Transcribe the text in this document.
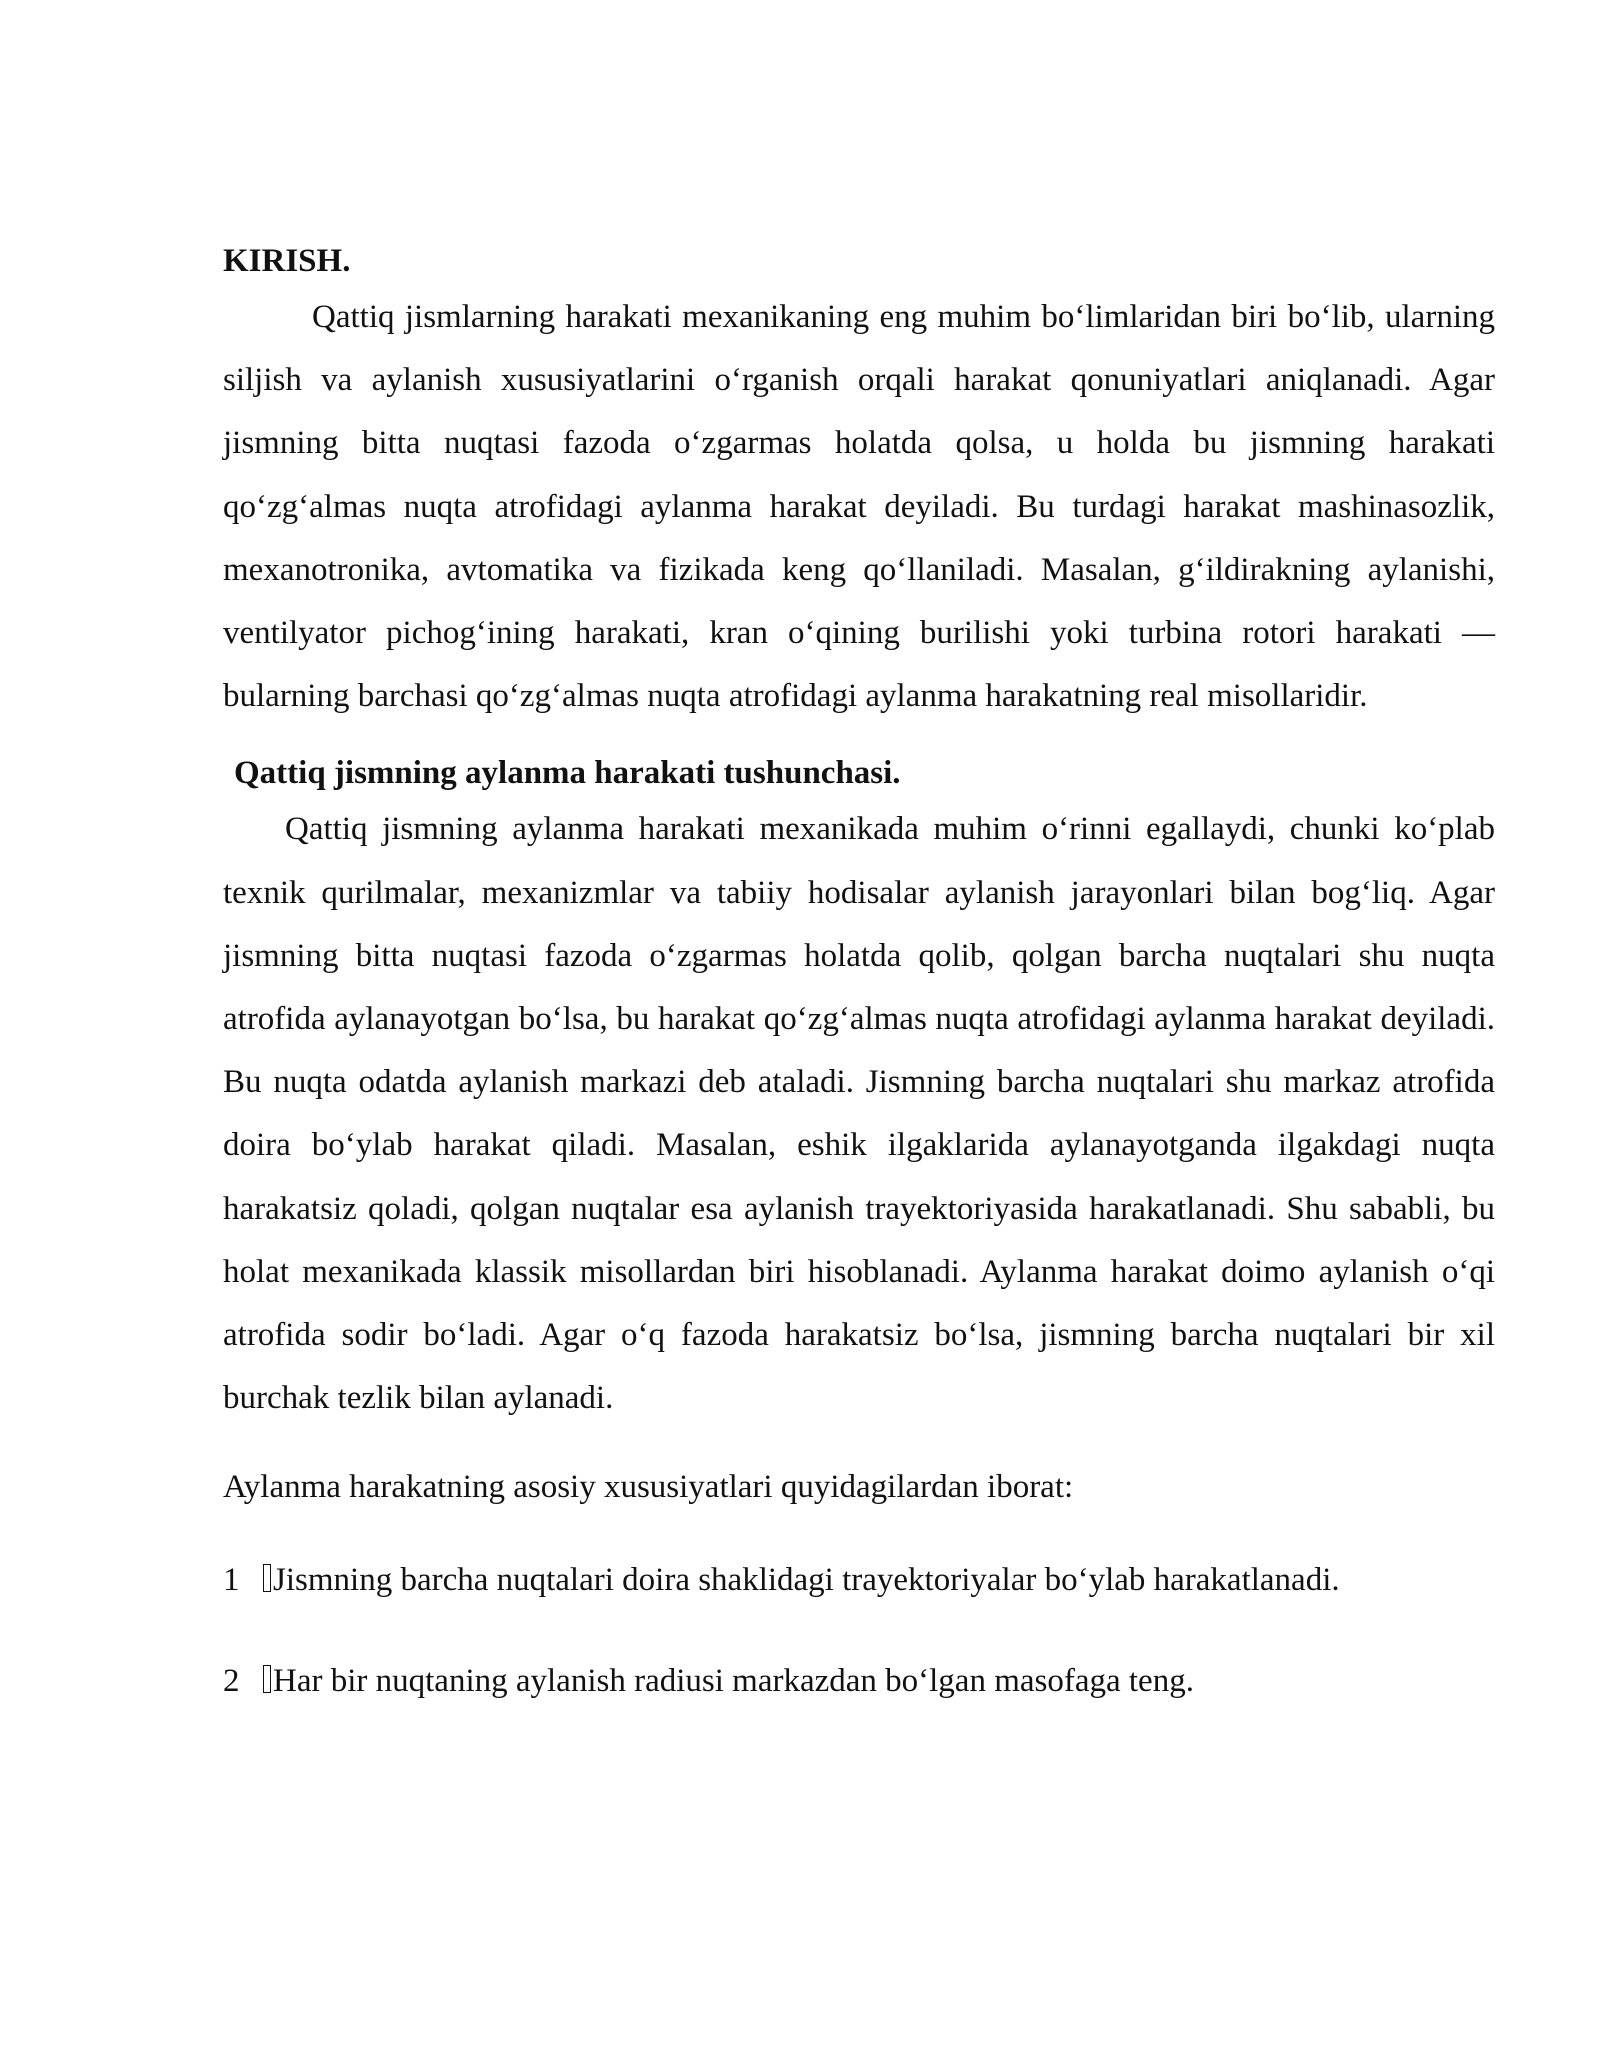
KIRISH.

Qattiq jismlarning harakati mexanikaning eng muhim bo‘limlaridan biri bo‘lib, ularning siljish va aylanish xususiyatlarini o‘rganish orqali harakat qonuniyatlari aniqlanadi. Agar jismning bitta nuqtasi fazoda o‘zgarmas holatda qolsa, u holda bu jismning harakati qo‘zg‘almas nuqta atrofidagi aylanma harakat deyiladi. Bu turdagi harakat mashinasozlik, mexanotronika, avtomatika va fizikada keng qo‘llaniladi. Masalan, g‘ildirakning aylanishi, ventilyator pichog‘ining harakati, kran o‘qining burilishi yoki turbina rotori harakati — bularning barchasi qo‘zg‘almas nuqta atrofidagi aylanma harakatning real misollaridir.

Qattiq jismning aylanma harakati tushunchasi.

Qattiq jismning aylanma harakati mexanikada muhim o‘rinni egallaydi, chunki ko‘plab texnik qurilmalar, mexanizmlar va tabiiy hodisalar aylanish jarayonlari bilan bog‘liq. Agar jismning bitta nuqtasi fazoda o‘zgarmas holatda qolib, qolgan barcha nuqtalari shu nuqta atrofida aylanayotgan bo‘lsa, bu harakat qo‘zg‘almas nuqta atrofidagi aylanma harakat deyiladi. Bu nuqta odatda aylanish markazi deb ataladi. Jismning barcha nuqtalari shu markaz atrofida doira bo‘ylab harakat qiladi. Masalan, eshik ilgaklarida aylanayotganda ilgakdagi nuqta harakatsiz qoladi, qolgan nuqtalar esa aylanish trayektoriyasida harakatlanadi. Shu sababli, bu holat mexanikada klassik misollardan biri hisoblanadi. Aylanma harakat doimo aylanish o‘qi atrofida sodir bo‘ladi. Agar o‘q fazoda harakatsiz bo‘lsa, jismning barcha nuqtalari bir xil burchak tezlik bilan aylanadi.

Aylanma harakatning asosiy xususiyatlari quyidagilardan iborat:

1	Jismning barcha nuqtalari doira shaklidagi trayektoriyalar bo‘ylab harakatlanadi.
2	Har bir nuqtaning aylanish radiusi markazdan bo‘lgan masofaga teng.
